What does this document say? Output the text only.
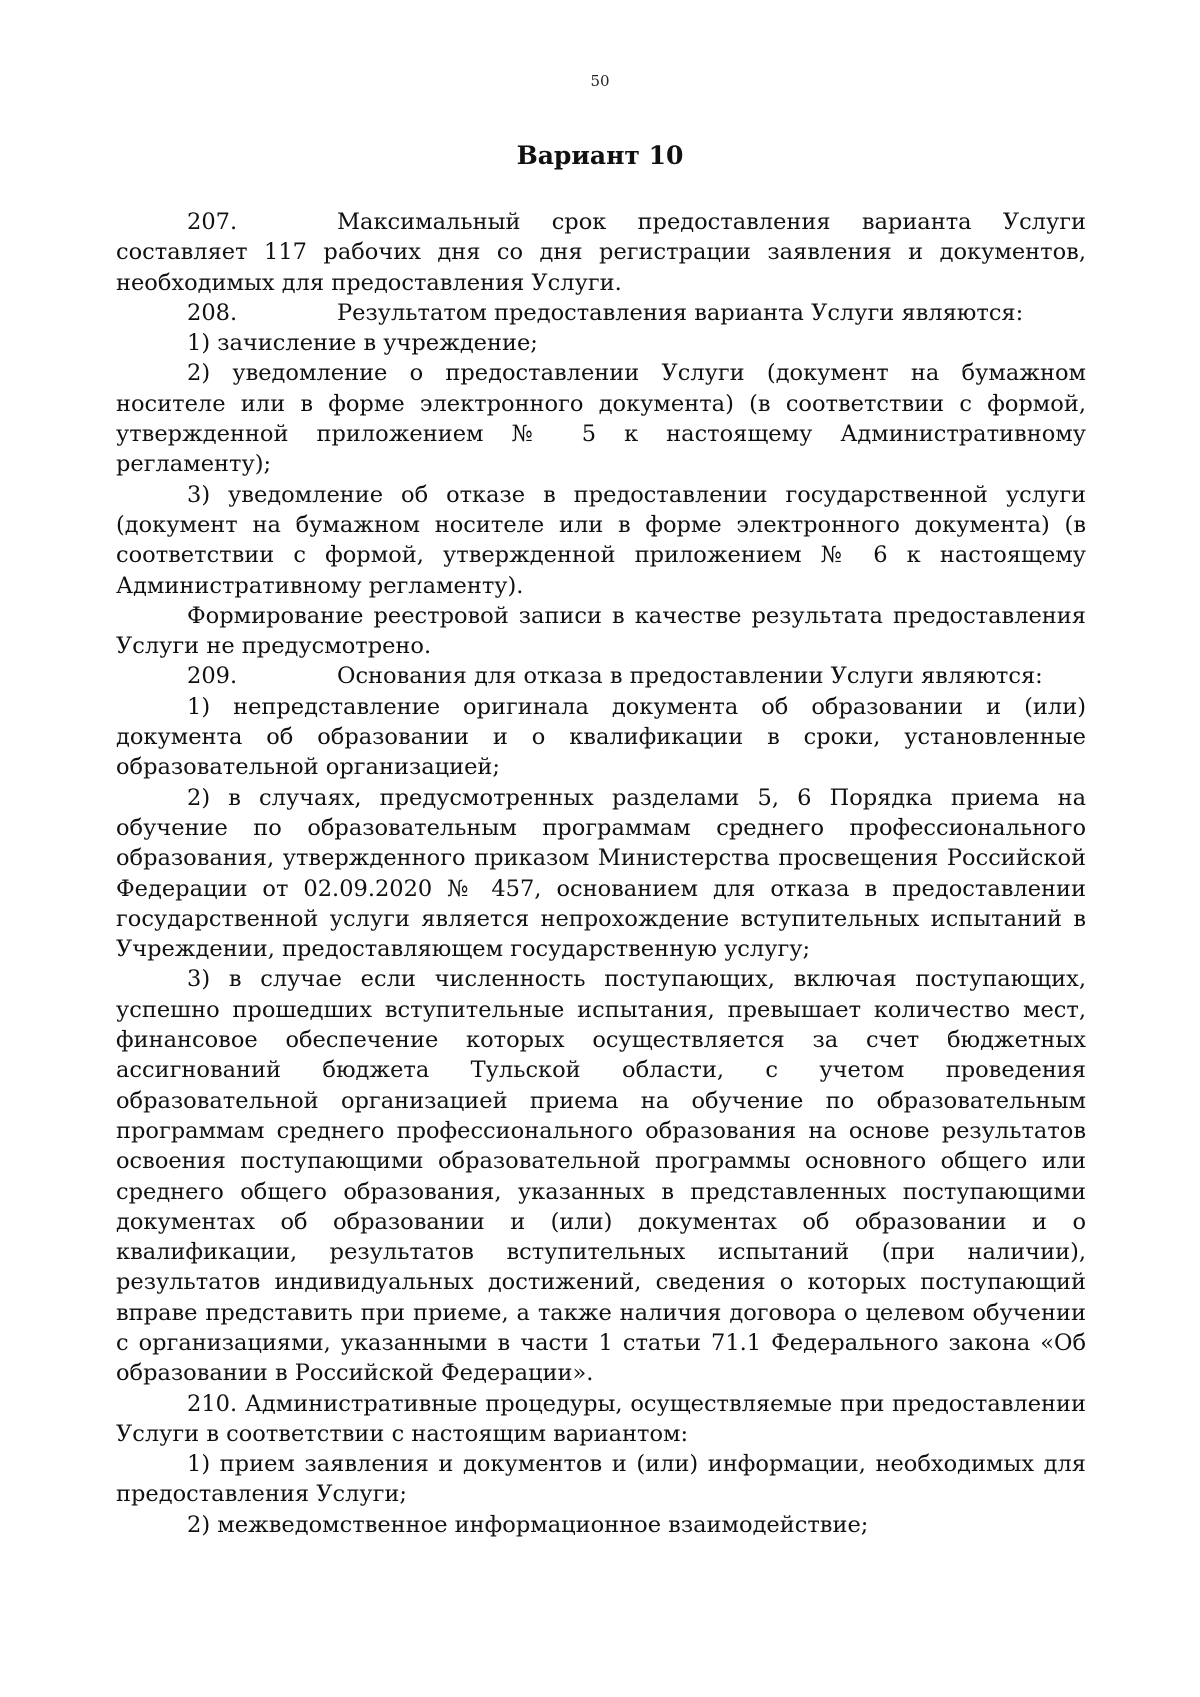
50
Вариант 10

207.	Максимальный срок предоставления варианта Услуги составляет 117 рабочих дня со дня регистрации заявления и документов, необходимых для предоставления Услуги.

208.	Результатом предоставления варианта Услуги являются:

1) зачисление в учреждение;

2) уведомление о предоставлении Услуги (документ на бумажном носителе или в форме электронного документа) (в соответствии с формой, утвержденной приложением № 5 к настоящему Административному регламенту);

3) уведомление об отказе в предоставлении государственной услуги (документ на бумажном носителе или в форме электронного документа) (в соответствии с формой, утвержденной приложением № 6 к настоящему Административному регламенту).

Формирование реестровой записи в качестве результата предоставления Услуги не предусмотрено.

209.	Основания для отказа в предоставлении Услуги являются:

1) непредставление оригинала документа об образовании и (или) документа об образовании и о квалификации в сроки, установленные образовательной организацией;

2) в случаях, предусмотренных разделами 5, 6 Порядка приема на обучение по образовательным программам среднего профессионального образования, утвержденного приказом Министерства просвещения Российской Федерации от 02.09.2020 № 457, основанием для отказа в предоставлении государственной услуги является непрохождение вступительных испытаний в Учреждении, предоставляющем государственную услугу;

3) в случае если численность поступающих, включая поступающих, успешно прошедших вступительные испытания, превышает количество мест, финансовое обеспечение которых осуществляется за счет бюджетных ассигнований бюджета Тульской области, с учетом проведения образовательной организацией приема на обучение по образовательным программам среднего профессионального образования на основе результатов освоения поступающими образовательной программы основного общего или среднего общего образования, указанных в представленных поступающими документах об образовании и (или) документах об образовании и о квалификации, результатов вступительных испытаний (при наличии), результатов индивидуальных достижений, сведения о которых поступающий вправе представить при приеме, а также наличия договора о целевом обучении с организациями, указанными в части 1 статьи 71.1 Федерального закона «Об образовании в Российской Федерации».

210. Административные процедуры, осуществляемые при предоставлении Услуги в соответствии с настоящим вариантом:

1) прием заявления и документов и (или) информации, необходимых для предоставления Услуги;

2) межведомственное информационное взаимодействие;
